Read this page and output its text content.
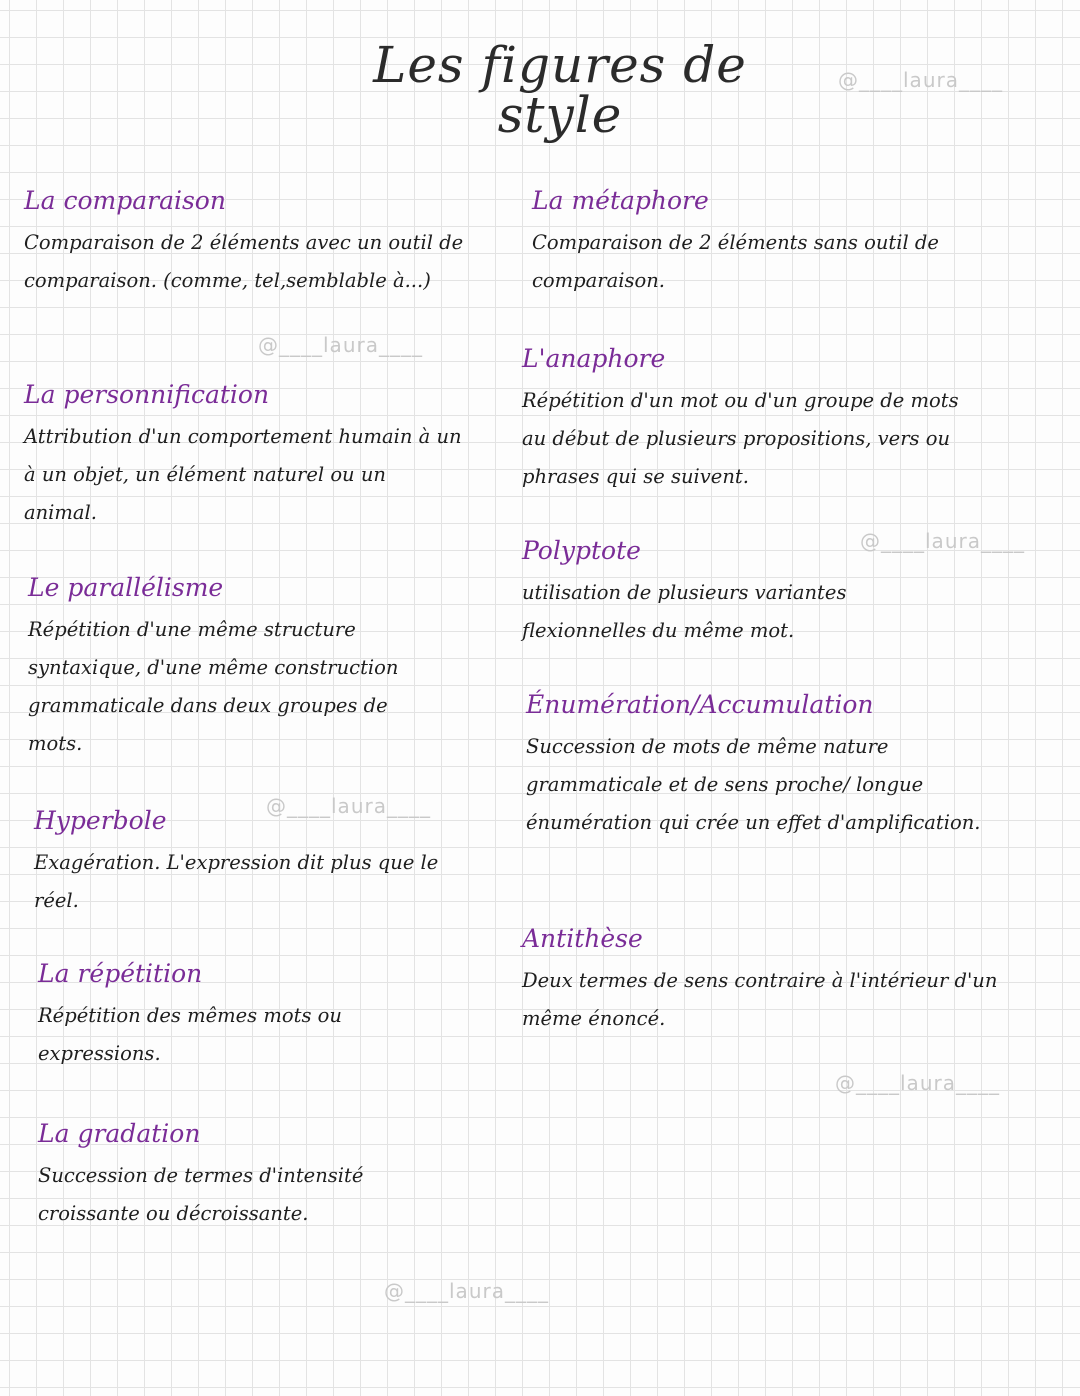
Les figures de style
@____laura____
@____laura____
@____laura____
@____laura____
@____laura____
@____laura____
La comparaison

Comparaison de 2 éléments avec un outil de comparaison. (comme, tel,semblable à...)

La personnification

Attribution d'un comportement humain à un à un objet, un élément naturel ou un animal.

Le parallélisme

Répétition d'une même structure syntaxique, d'une même construction grammaticale dans deux groupes de mots.

Hyperbole

Exagération. L'expression dit plus que le réel.

La répétition

Répétition des mêmes mots ou expressions.

La gradation

Succession de termes d'intensité croissante ou décroissante.

La métaphore

Comparaison de 2 éléments sans outil de comparaison.

L'anaphore

Répétition d'un mot ou d'un groupe de mots au début de plusieurs propositions, vers ou phrases qui se suivent.

Polyptote

utilisation de plusieurs variantes flexionnelles du même mot.

Énumération/Accumulation

Succession de mots de même nature grammaticale et de sens proche/ longue énumération qui crée un effet d'amplification.

Antithèse

Deux termes de sens contraire à l'intérieur d'un même énoncé.
